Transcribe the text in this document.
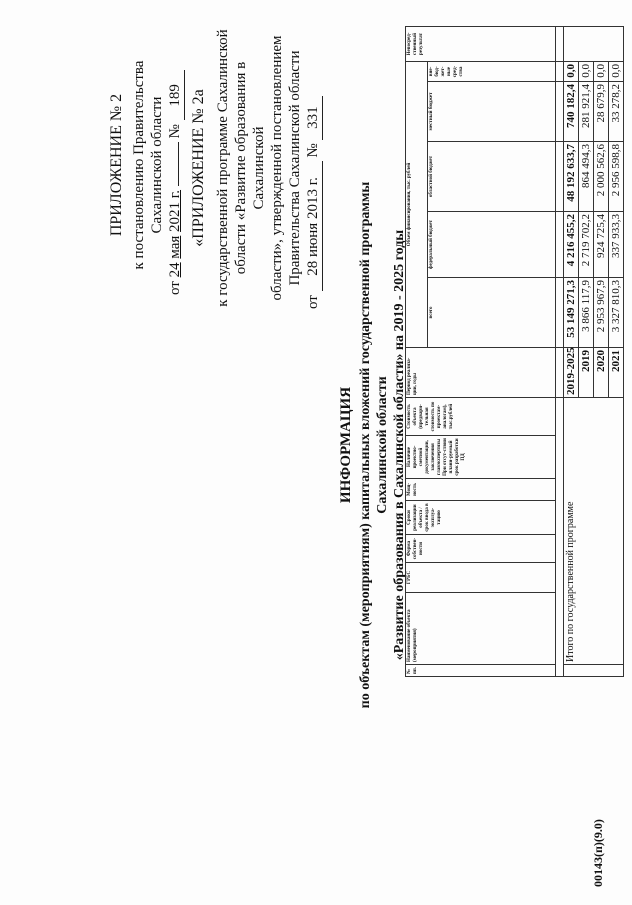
ПРИЛОЖЕНИЕ № 2 к постановлению Правительства Сахалинской области
от 24 мая 2021 г.  № 189 «ПРИЛОЖЕНИЕ № 2а к государственной программе Сахалинской области «Развитие образования в Сахалинской области», утвержденной постановлением Правительства Сахалинской области
от 28 июня 2013 г. № 331
ИНФОРМАЦИЯ по объектам (мероприятиям) капитальных вложений государственной программы Сахалинской области «Развитие образования в Сахалинской области» на 2019 - 2025 годы
№ пп.	Наименование объекта (мероприятия)	ГРБС	Форма собствен-ности	Сроки реализации объекта / срок ввода в эксплуа-тацию	Мощ-ность	Наличие проектно-сметной документации, заключения главэкспертизы При отсут-ствии плани-руемый срок разработки ПД	Стоимость объекта (предвари-тельная стоимость по проектам-аналогам), тыс.рублей	Период реализа-ции, годы	Объем финансирования, тыс. рублей					Непосред-ственный результат
									всего	федеральный бюджет	областной бюджет	местный бюджет	вне-бюд-жет-ные сред-ства	

	Итого по государственной программе							2019-2025	53 149 271,3	4 216 455,2	48 192 633,7	740 182,4	0,0	
								2019	3 866 117,9	2 719 702,2	864 494,3	281 921,4	0,0	
								2020	2 953 967,9	924 725,4	2 000 562,6	28 679,9	0,0	
								2021	3 327 810,3	337 933,3	2 956 598,8	33 278,2	0,0	
00143(п)(9.0)
